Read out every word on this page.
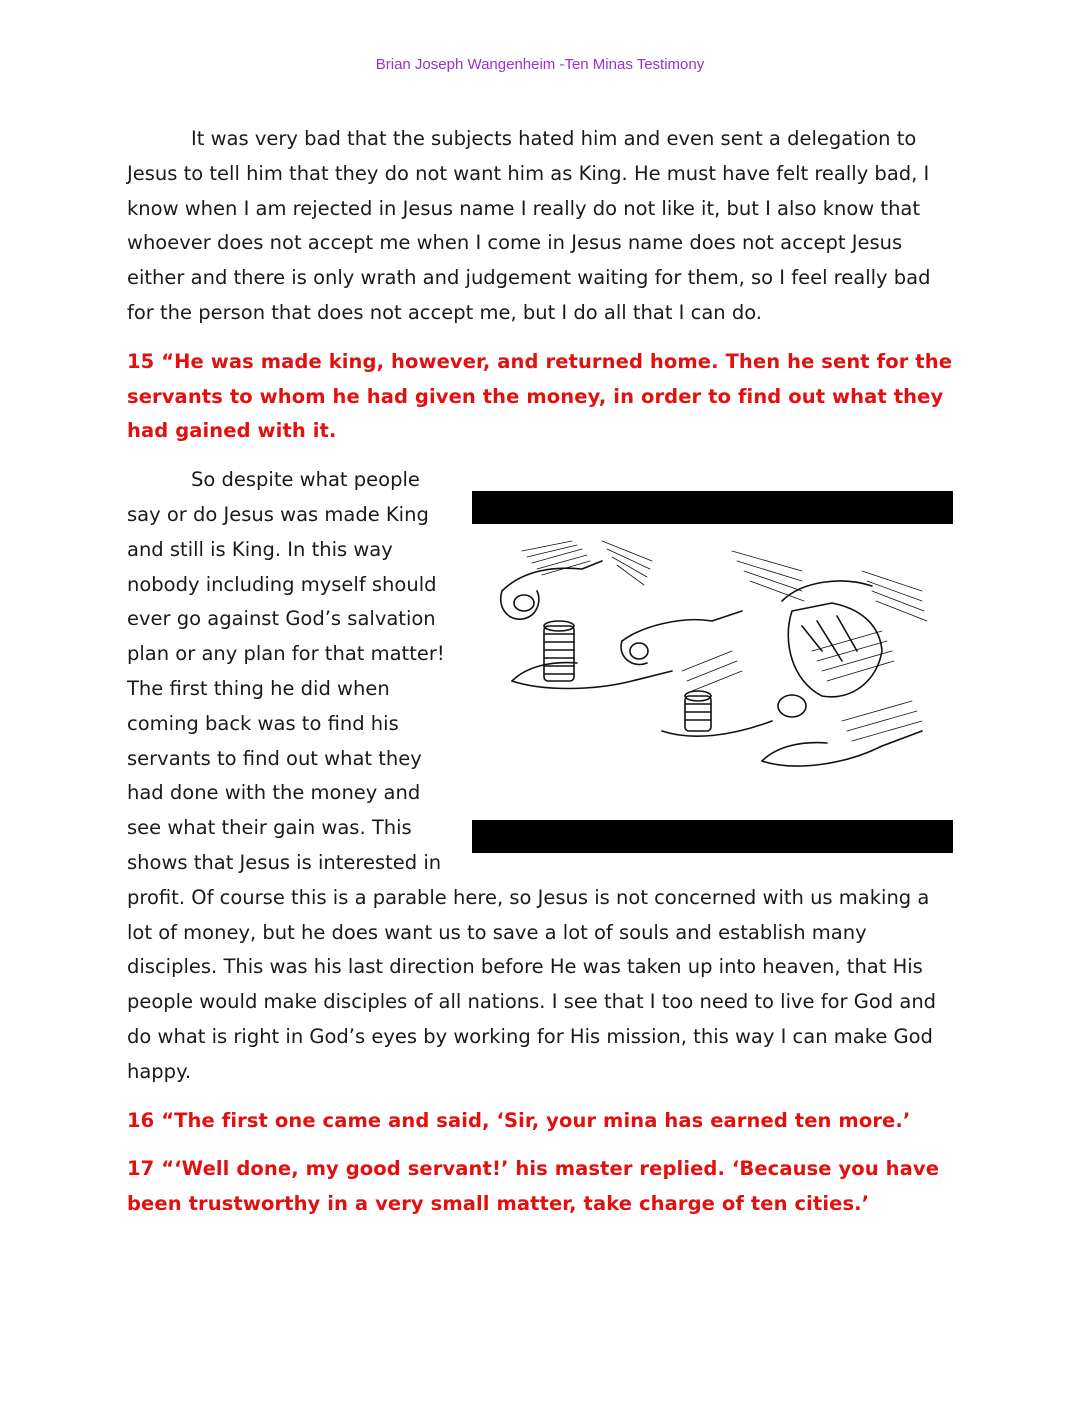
Brian Joseph Wangenheim -Ten Minas Testimony

It was very bad that the subjects hated him and even sent a delegation to Jesus to tell him that they do not want him as King. He must have felt really bad, I know when I am rejected in Jesus name I really do not like it, but I also know that whoever does not accept me when I come in Jesus name does not accept Jesus either and there is only wrath and judgement waiting for them, so I feel really bad for the person that does not accept me, but I do all that I can do.

15 “He was made king, however, and returned home. Then he sent for the servants to whom he had given the money, in order to find out what they had gained with it.

So despite what people say or do Jesus was made King and still is King. In this way nobody including myself should ever go against God’s salvation plan or any plan for that matter! The first thing he did when coming back was to find his servants to find out what they had done with the money and see what their gain was. This shows that Jesus is interested in profit. Of course this is a parable here, so Jesus is not concerned with us making a lot of money, but he does want us to save a lot of souls and establish many disciples. This was his last direction before He was taken up into heaven, that His people would make disciples of all nations. I see that I too need to live for God and do what is right in God’s eyes by working for His mission, this way I can make God happy.

16 “The first one came and said, ‘Sir, your mina has earned ten more.’

17 “‘Well done, my good servant!’ his master replied. ‘Because you have been trustworthy in a very small matter, take charge of ten cities.’
